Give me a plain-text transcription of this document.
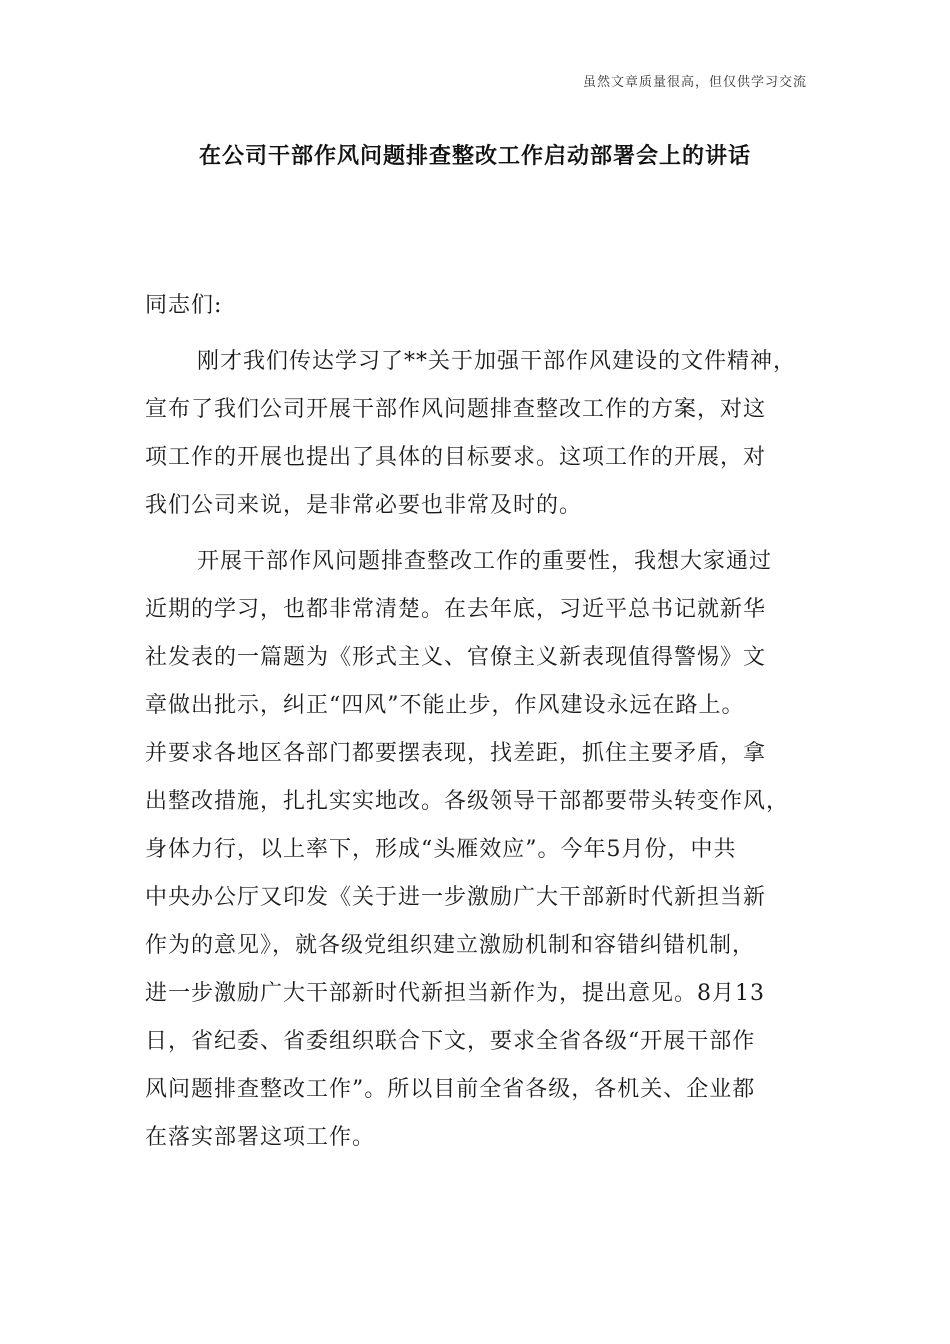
虽然文章质量很高，但仅供学习交流
在公司干部作风问题排查整改工作启动部署会上的讲话
同志们:
刚才我们传达学习了**关于加强干部作风建设的文件精神，
宣布了我们公司开展干部作风问题排查整改工作的方案，对这
项工作的开展也提出了具体的目标要求。这项工作的开展，对
我们公司来说，是非常必要也非常及时的。
开展干部作风问题排查整改工作的重要性，我想大家通过
近期的学习，也都非常清楚。在去年底，习近平总书记就新华
社发表的一篇题为《形式主义、官僚主义新表现值得警惕》文
章做出批示，纠正“四风”不能止步，作风建设永远在路上。
并要求各地区各部门都要摆表现，找差距，抓住主要矛盾，拿
出整改措施，扎扎实实地改。各级领导干部都要带头转变作风，
身体力行，以上率下，形成“头雁效应”。今年5月份，中共
中央办公厅又印发《关于进一步激励广大干部新时代新担当新
作为的意见》，就各级党组织建立激励机制和容错纠错机制，
进一步激励广大干部新时代新担当新作为，提出意见。8月13
日，省纪委、省委组织联合下文，要求全省各级“开展干部作
风问题排查整改工作”。所以目前全省各级，各机关、企业都
在落实部署这项工作。
